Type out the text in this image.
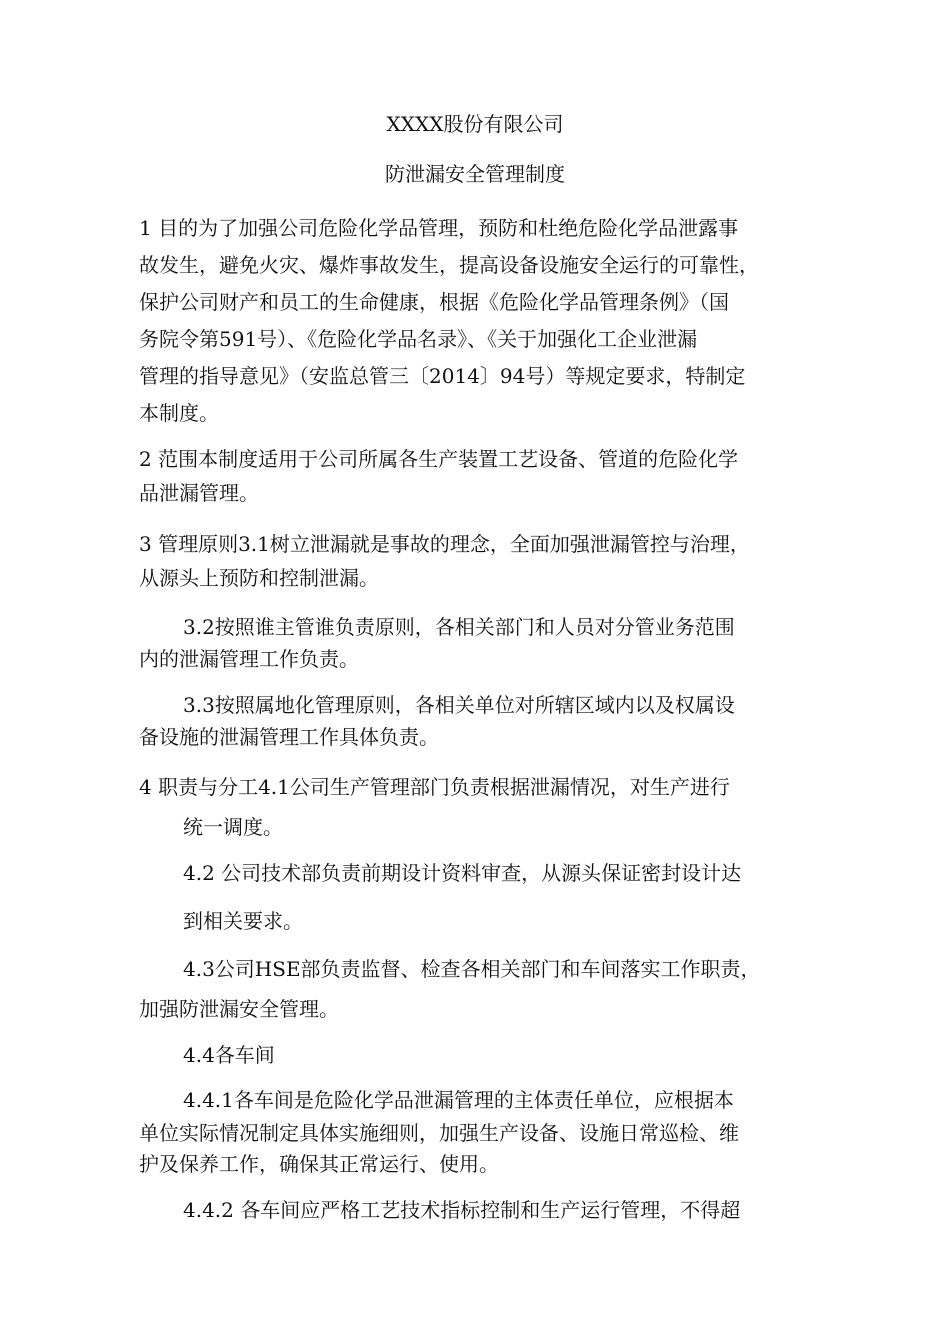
XXXX股份有限公司
防泄漏安全管理制度
1 目的为了加强公司危险化学品管理，预防和杜绝危险化学品泄露事
故发生，避免火灾、爆炸事故发生，提高设备设施安全运行的可靠性，
保护公司财产和员工的生命健康，根据《危险化学品管理条例》（国
务院令第591号）、《危险化学品名录》、《关于加强化工企业泄漏
管理的指导意见》（安监总管三〔2014〕94号）等规定要求，特制定
本制度。
2 范围本制度适用于公司所属各生产装置工艺设备、管道的危险化学
品泄漏管理。
3 管理原则3.1树立泄漏就是事故的理念，全面加强泄漏管控与治理，
从源头上预防和控制泄漏。
3.2按照谁主管谁负责原则，各相关部门和人员对分管业务范围
内的泄漏管理工作负责。
3.3按照属地化管理原则，各相关单位对所辖区域内以及权属设
备设施的泄漏管理工作具体负责。
4 职责与分工4.1公司生产管理部门负责根据泄漏情况，对生产进行
统一调度。
4.2 公司技术部负责前期设计资料审查，从源头保证密封设计达
到相关要求。
4.3公司HSE部负责监督、检查各相关部门和车间落实工作职责，
加强防泄漏安全管理。
4.4各车间
4.4.1各车间是危险化学品泄漏管理的主体责任单位，应根据本
单位实际情况制定具体实施细则，加强生产设备、设施日常巡检、维
护及保养工作，确保其正常运行、使用。
4.4.2 各车间应严格工艺技术指标控制和生产运行管理，不得超
